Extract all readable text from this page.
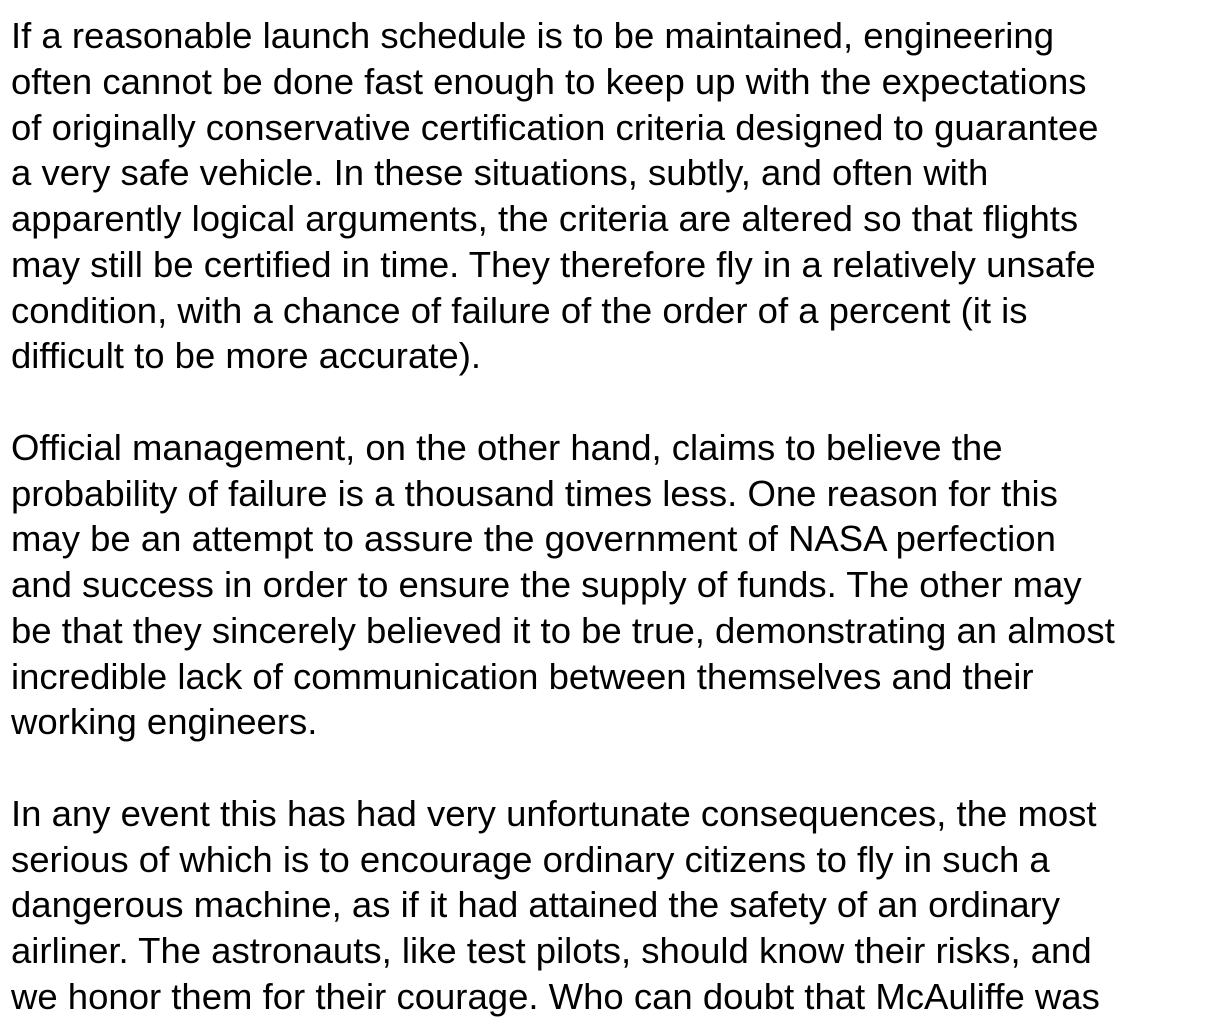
If a reasonable launch schedule is to be maintained, engineering
often cannot be done fast enough to keep up with the expectations
of originally conservative certification criteria designed to guarantee
a very safe vehicle. In these situations, subtly, and often with
apparently logical arguments, the criteria are altered so that flights
may still be certified in time. They therefore fly in a relatively unsafe
condition, with a chance of failure of the order of a percent (it is
difficult to be more accurate).

Official management, on the other hand, claims to believe the
probability of failure is a thousand times less. One reason for this
may be an attempt to assure the government of NASA perfection
and success in order to ensure the supply of funds. The other may
be that they sincerely believed it to be true, demonstrating an almost
incredible lack of communication between themselves and their
working engineers.

In any event this has had very unfortunate consequences, the most
serious of which is to encourage ordinary citizens to fly in such a
dangerous machine, as if it had attained the safety of an ordinary
airliner. The astronauts, like test pilots, should know their risks, and
we honor them for their courage. Who can doubt that McAuliffe was
